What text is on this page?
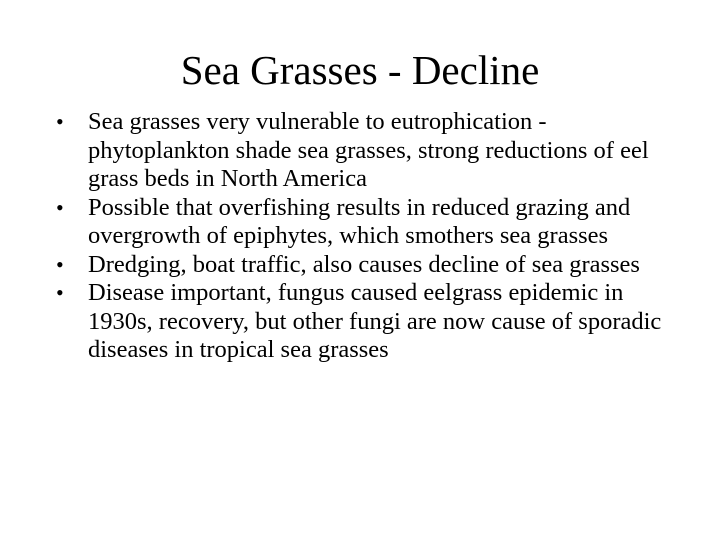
Sea Grasses - Decline
• Sea grasses very vulnerable to eutrophication - phytoplankton shade sea grasses, strong reductions of eel grass beds in North America
• Possible that overfishing results in reduced grazing and overgrowth of epiphytes, which smothers sea grasses
• Dredging, boat traffic, also causes decline of sea grasses
• Disease important, fungus caused eelgrass epidemic in 1930s, recovery, but other fungi are now cause of sporadic diseases in tropical sea grasses
